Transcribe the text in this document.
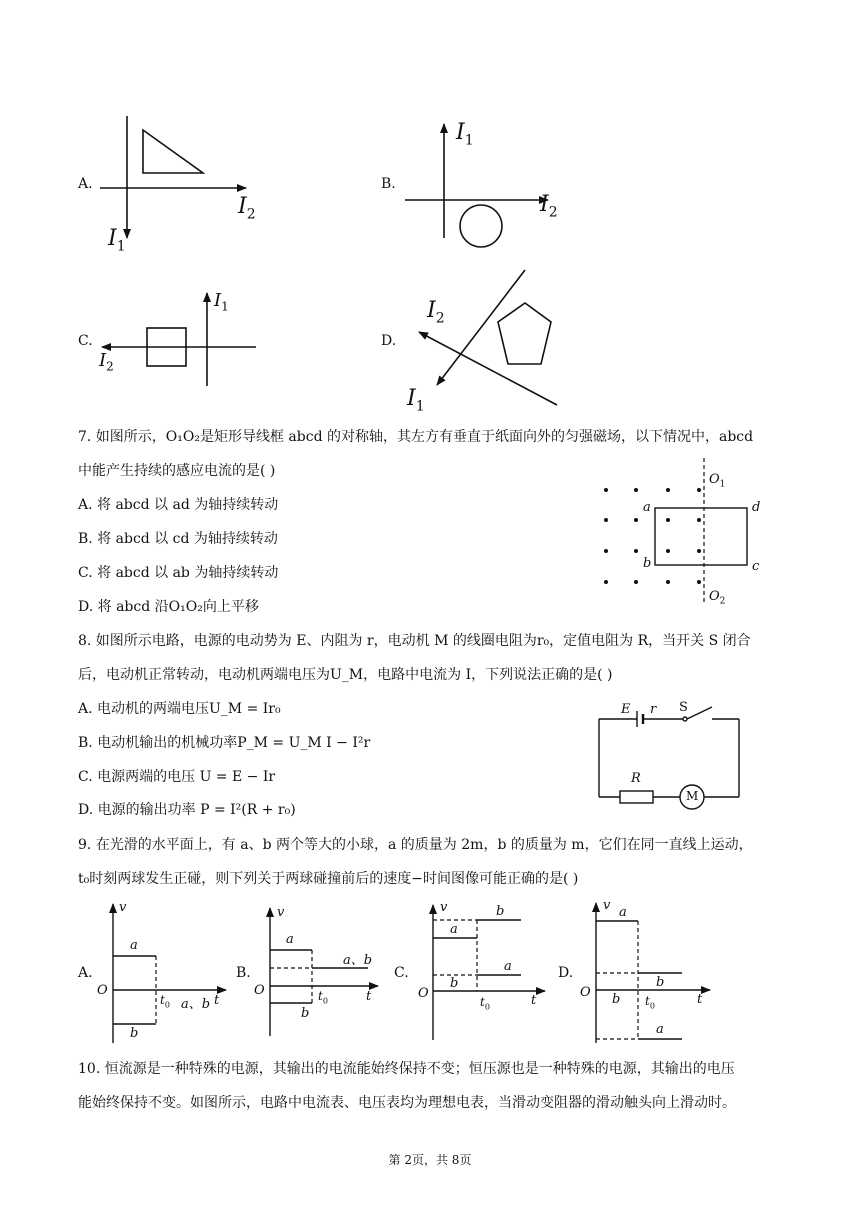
A.
$I_2$
$I_1$
B.
$I_1$
$I_2$
C.
$I_1$
$I_2$
D.
$I_2$
$I_1$
7. 如图所示，O₁O₂是矩形导线框 abcd 的对称轴，其左方有垂直于纸面向外的匀强磁场，以下情况中，abcd
中能产生持续的感应电流的是( )
A. 将 abcd 以 ad 为轴持续转动
B. 将 abcd 以 cd 为轴持续转动
C. 将 abcd 以 ab 为轴持续转动
D. 将 abcd 沿O₁O₂向上平移
a
b	c
d
$O_1$
$O_2$
8. 如图所示电路，电源的电动势为 E、内阻为 r，电动机 M 的线圈电阻为r₀，定值电阻为 R，当开关 S 闭合
后，电动机正常转动，电动机两端电压为U_M，电路中电流为 I，下列说法正确的是( )
A. 电动机的两端电压U_M = Ir₀
B. 电动机输出的机械功率P_M = U_M I − I²r
C. 电源两端的电压 U = E − Ir
D. 电源的输出功率 P = I²(R + r₀)
E r S
R
M
9. 在光滑的水平面上，有 a、b 两个等大的小球，a 的质量为 2m，b 的质量为 m，它们在同一直线上运动，
t₀时刻两球发生正碰，则下列关于两球碰撞前后的速度−时间图像可能正确的是( )
A.
v
O
a
b
$t_0$ a、b t
B.
v
O
a
b
$t_0$
a、b
t
C.
v
O
a
b
b
a
$t_0$	t
D.
v
O
a
b
b
a
$t_0$	t
10. 恒流源是一种特殊的电源，其输出的电流能始终保持不变；恒压源也是一种特殊的电源，其输出的电压
能始终保持不变。如图所示，电路中电流表、电压表均为理想电表，当滑动变阻器的滑动触头向上滑动时。
第 2页，共 8页
